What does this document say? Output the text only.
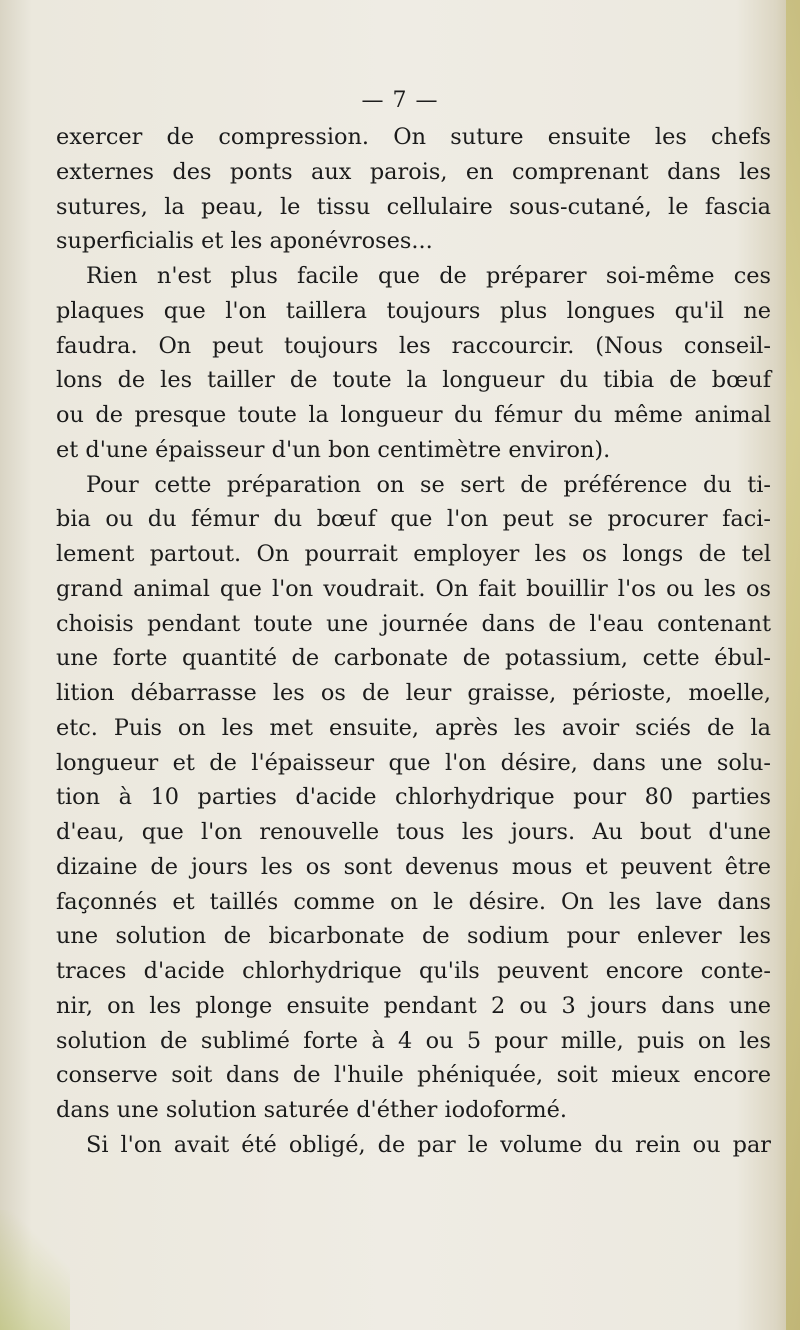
— 7 —
exercer de compression. On suture ensuite les chefs
externes des ponts aux parois, en comprenant dans les
sutures, la peau, le tissu cellulaire sous-cutané, le fascia
superficialis et les aponévroses...
Rien n'est plus facile que de préparer soi-même ces
plaques que l'on taillera toujours plus longues qu'il ne
faudra. On peut toujours les raccourcir. (Nous conseil-
lons de les tailler de toute la longueur du tibia de bœuf
ou de presque toute la longueur du fémur du même animal
et d'une épaisseur d'un bon centimètre environ).
Pour cette préparation on se sert de préférence du ti-
bia ou du fémur du bœuf que l'on peut se procurer faci-
lement partout. On pourrait employer les os longs de tel
grand animal que l'on voudrait. On fait bouillir l'os ou les os
choisis pendant toute une journée dans de l'eau contenant
une forte quantité de carbonate de potassium, cette ébul-
lition débarrasse les os de leur graisse, périoste, moelle,
etc. Puis on les met ensuite, après les avoir sciés de la
longueur et de l'épaisseur que l'on désire, dans une solu-
tion à 10 parties d'acide chlorhydrique pour 80 parties
d'eau, que l'on renouvelle tous les jours. Au bout d'une
dizaine de jours les os sont devenus mous et peuvent être
façonnés et taillés comme on le désire. On les lave dans
une solution de bicarbonate de sodium pour enlever les
traces d'acide chlorhydrique qu'ils peuvent encore conte-
nir, on les plonge ensuite pendant 2 ou 3 jours dans une
solution de sublimé forte à 4 ou 5 pour mille, puis on les
conserve soit dans de l'huile phéniquée, soit mieux encore
dans une solution saturée d'éther iodoformé.
Si l'on avait été obligé, de par le volume du rein ou par
